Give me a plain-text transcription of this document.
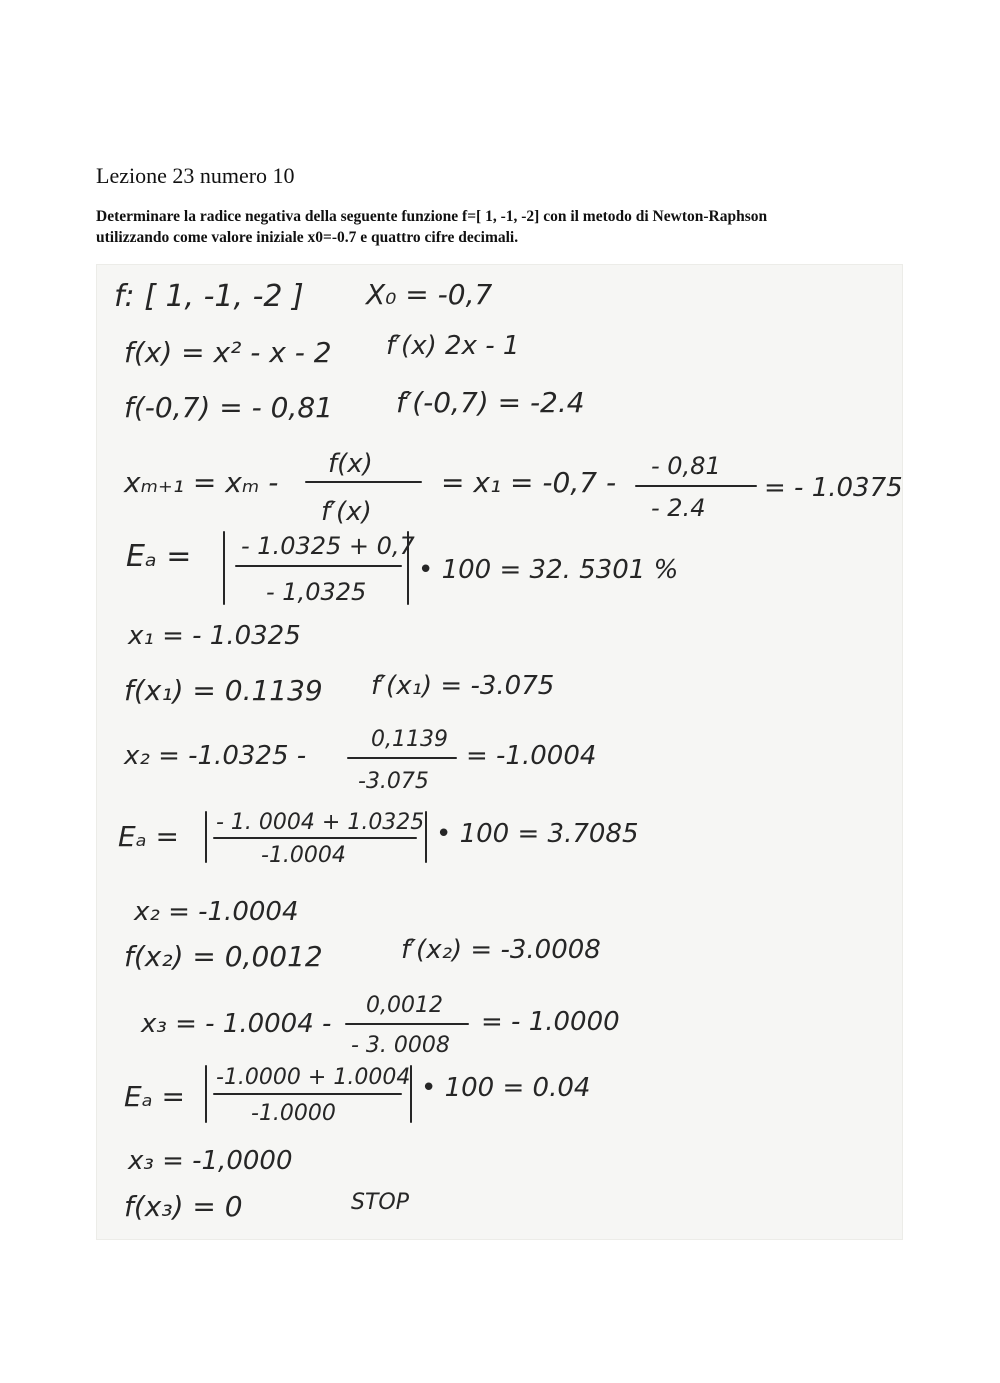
Lezione 23 numero 10

Determinare la radice negativa della seguente funzione f=[ 1, -1, -2] con il metodo di Newton-Raphson
utilizzando come valore iniziale x0=-0.7 e quattro cifre decimali.

f: [ 1, -1, -2 ] X₀ = -0,7
f(x) = x² - x - 2 f′(x) 2x - 1
f(-0,7) = - 0,81 f′(-0,7) = -2.4
xₘ₊₁ = xₘ -
f(x)
f′(x)
= x₁ = -0,7 - - 0,81
- 2.4
= - 1.0375
Eₐ = - 1.0325 + 0,7
- 1,0325
• 100 = 32. 5301 %
x₁ = - 1.0325
f(x₁) = 0.1139 f′(x₁) = -3.075
x₂ = -1.0325 -
0,1139
-3.075
= -1.0004
Eₐ = - 1. 0004 + 1.0325
-1.0004
• 100 = 3.7085
x₂ = -1.0004
f(x₂) = 0,0012	f′(x₂) = -3.0008
x₃ = - 1.0004 -
0,0012
- 3. 0008
= - 1.0000
Eₐ =
-1.0000 + 1.0004
-1.0000
• 100 = 0.04
x₃ = -1,0000
f(x₃) = 0	STOP
